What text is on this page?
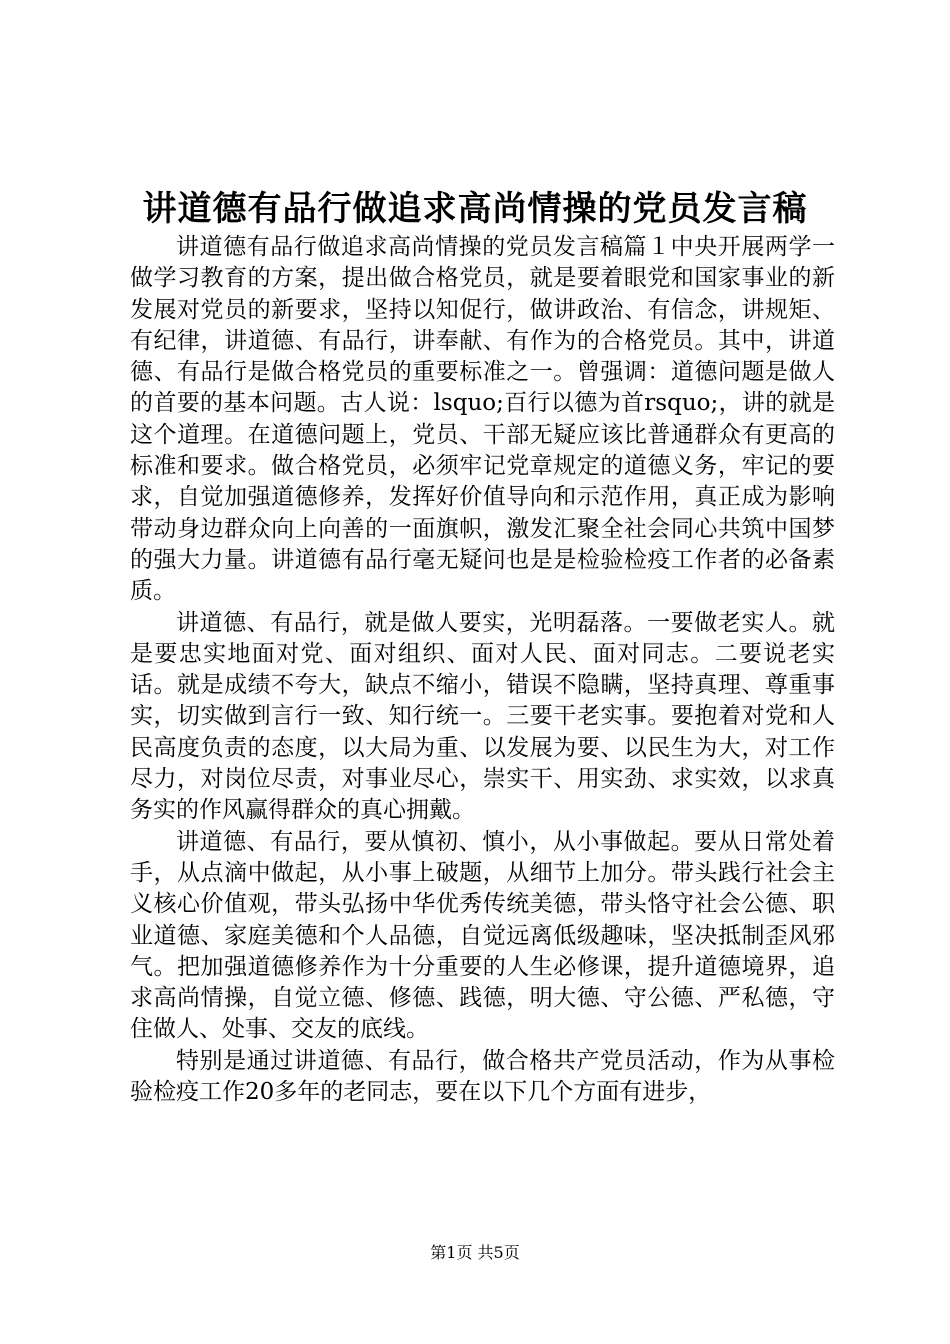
讲道德有品行做追求高尚情操的党员发言稿

讲道德有品行做追求高尚情操的党员发言稿篇１中央开展两学一做学习教育的方案，提出做合格党员，就是要着眼党和国家事业的新发展对党员的新要求，坚持以知促行，做讲政治、有信念，讲规矩、有纪律，讲道德、有品行，讲奉献、有作为的合格党员。其中，讲道德、有品行是做合格党员的重要标准之一。曾强调：道德问题是做人的首要的基本问题。古人说：lsquo;百行以德为首rsquo;，讲的就是这个道理。在道德问题上，党员、干部无疑应该比普通群众有更高的标准和要求。做合格党员，必须牢记党章规定的道德义务，牢记的要求，自觉加强道德修养，发挥好价值导向和示范作用，真正成为影响带动身边群众向上向善的一面旗帜，激发汇聚全社会同心共筑中国梦的强大力量。讲道德有品行毫无疑问也是是检验检疫工作者的必备素质。

讲道德、有品行，就是做人要实，光明磊落。一要做老实人。就是要忠实地面对党、面对组织、面对人民、面对同志。二要说老实话。就是成绩不夸大，缺点不缩小，错误不隐瞒，坚持真理、尊重事实，切实做到言行一致、知行统一。三要干老实事。要抱着对党和人民高度负责的态度，以大局为重、以发展为要、以民生为大，对工作尽力，对岗位尽责，对事业尽心，崇实干、用实劲、求实效，以求真务实的作风赢得群众的真心拥戴。

讲道德、有品行，要从慎初、慎小，从小事做起。要从日常处着手，从点滴中做起，从小事上破题，从细节上加分。带头践行社会主义核心价值观，带头弘扬中华优秀传统美德，带头恪守社会公德、职业道德、家庭美德和个人品德，自觉远离低级趣味，坚决抵制歪风邪气。把加强道德修养作为十分重要的人生必修课，提升道德境界，追求高尚情操，自觉立德、修德、践德，明大德、守公德、严私德，守住做人、处事、交友的底线。

特别是通过讲道德、有品行，做合格共产党员活动，作为从事检验检疫工作20多年的老同志，要在以下几个方面有进步，

第1页 共5页
